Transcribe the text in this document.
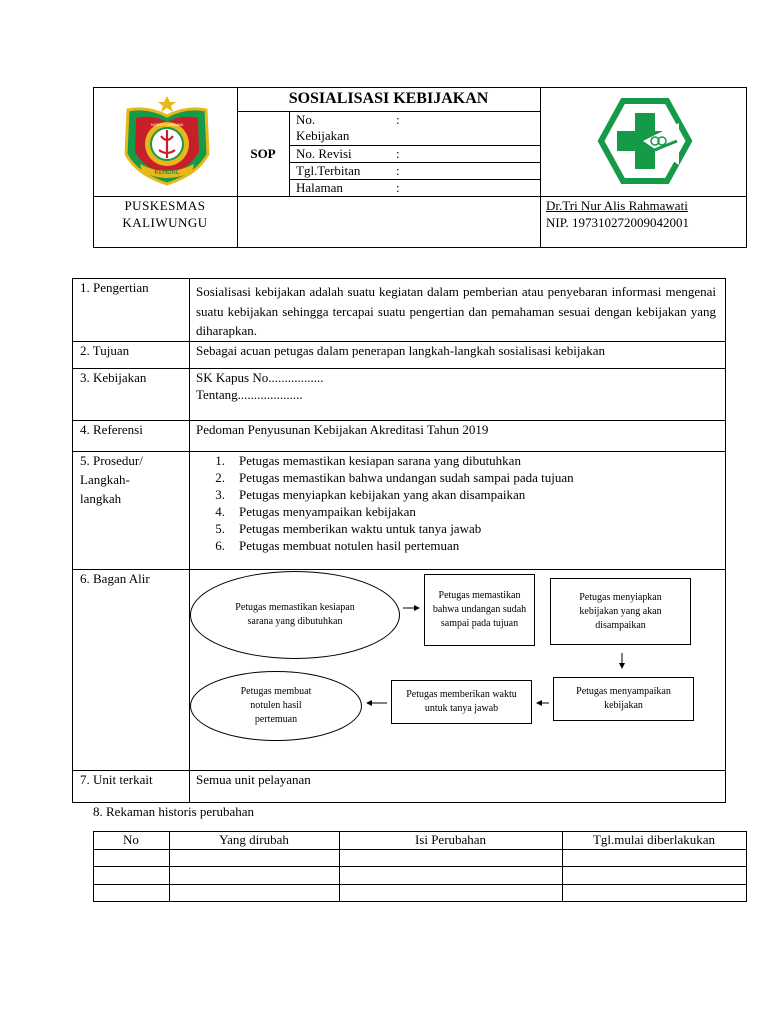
KENDAL
NGESTI WIBAWA
SOSIALISASI KEBIJAKAN
SOP
No.	:
Kebijakan
No. Revisi	:
Tgl.Terbitan	:
Halaman	:
PUSKESMAS
KALIWUNGU
Dr.Tri Nur Alis Rahmawati
NIP. 197310272009042001
1. Pengertian	Sosialisasi kebijakan adalah suatu kegiatan dalam pemberian atau penyebaran informasi mengenai suatu kebijakan sehingga tercapai suatu pengertian dan pemahaman sesuai dengan kebijakan yang diharapkan.
2. Tujuan	Sebagai acuan petugas dalam penerapan langkah-langkah sosialisasi kebijakan
3. Kebijakan	SK Kapus No.................
Tentang....................
4. Referensi	Pedoman Penyusunan Kebijakan Akreditasi Tahun 2019
5. Prosedur/
Langkah-
langkah
1.	Petugas memastikan kesiapan sarana yang dibutuhkan
2.	Petugas memastikan bahwa undangan sudah sampai pada tujuan
3.	Petugas menyiapkan kebijakan yang akan disampaikan
4.	Petugas menyampaikan kebijakan
5.	Petugas memberikan waktu untuk tanya jawab
6.	Petugas membuat notulen hasil pertemuan
6. Bagan Alir
Petugas memastikan kesiapan sarana yang dibutuhkan
Petugas memastikan bahwa undangan sudah sampai pada tujuan
Petugas menyiapkan kebijakan yang akan disampaikan
Petugas menyampaikan kebijakan
Petugas memberikan waktu untuk tanya jawab
Petugas membuat notulen hasil pertemuan
7. Unit terkait	Semua unit pelayanan
8. Rekaman historis perubahan
No	Yang dirubah	Isi Perubahan	Tgl.mulai diberlakukan
